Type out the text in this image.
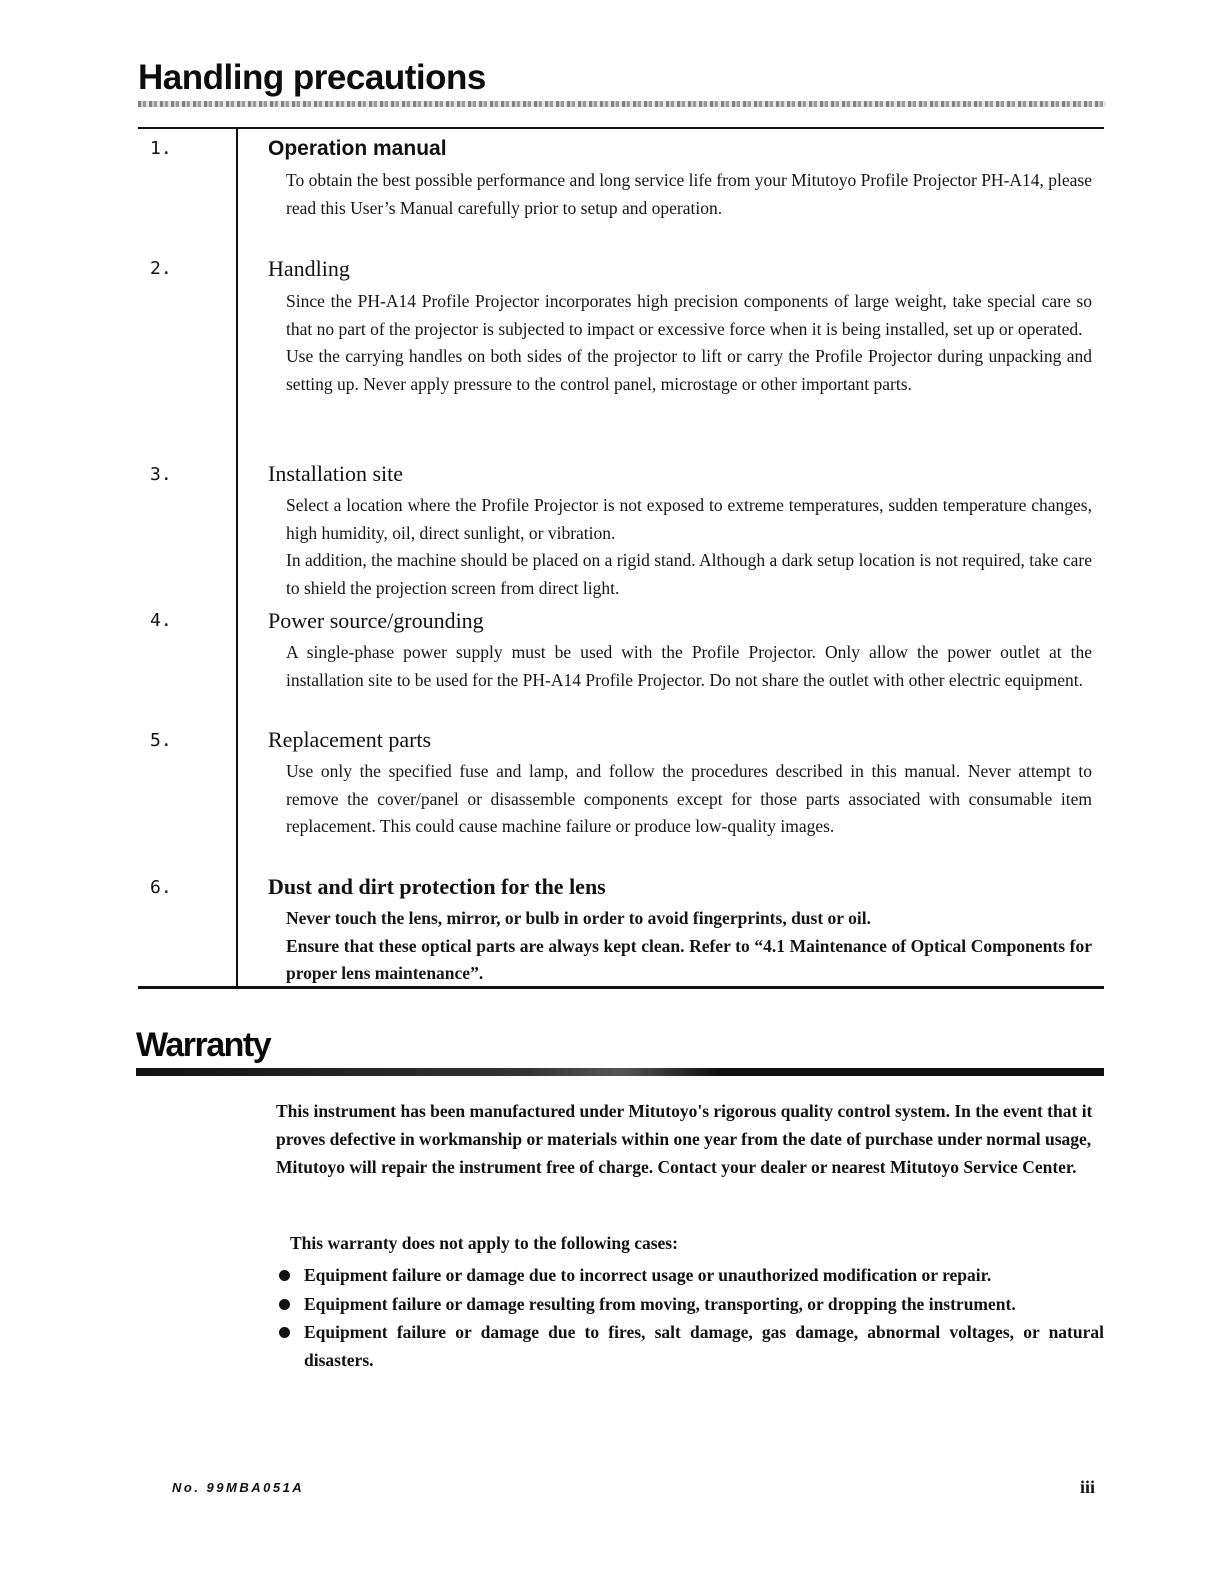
Handling precautions
1.	Operation manual

To obtain the best possible performance and long service life from your Mitutoyo Profile Projector PH-A14, please read this User’s Manual carefully prior to setup and operation.

2.	Handling

Since the PH-A14 Profile Projector incorporates high precision components of large weight, take special care so that no part of the projector is subjected to impact or excessive force when it is being installed, set up or operated.

Use the carrying handles on both sides of the projector to lift or carry the Profile Projector during unpacking and setting up. Never apply pressure to the control panel, microstage or other important parts.

3.	Installation site

Select a location where the Profile Projector is not exposed to extreme temperatures, sudden temperature changes, high humidity, oil, direct sunlight, or vibration.

In addition, the machine should be placed on a rigid stand. Although a dark setup location is not required, take care to shield the projection screen from direct light.

4.	Power source/grounding

A single-phase power supply must be used with the Profile Projector. Only allow the power outlet at the installation site to be used for the PH-A14 Profile Projector. Do not share the outlet with other electric equipment.

5.	Replacement parts

Use only the specified fuse and lamp, and follow the procedures described in this manual. Never attempt to remove the cover/panel or disassemble components except for those parts associated with consumable item replacement. This could cause machine failure or produce low-quality images.

6.	Dust and dirt protection for the lens

Never touch the lens, mirror, or bulb in order to avoid fingerprints, dust or oil.

Ensure that these optical parts are always kept clean. Refer to “4.1 Maintenance of Optical Components for proper lens maintenance”.

Warranty

This instrument has been manufactured under Mitutoyo's rigorous quality control system. In the event that it proves defective in workmanship or materials within one year from the date of purchase under normal usage, Mitutoyo will repair the instrument free of charge. Contact your dealer or nearest Mitutoyo Service Center.

This warranty does not apply to the following cases:

Equipment failure or damage due to incorrect usage or unauthorized modification or repair.
Equipment failure or damage resulting from moving, transporting, or dropping the instrument.
Equipment failure or damage due to fires, salt damage, gas damage, abnormal voltages, or natural disasters.
No. 99MBA051A	iii
